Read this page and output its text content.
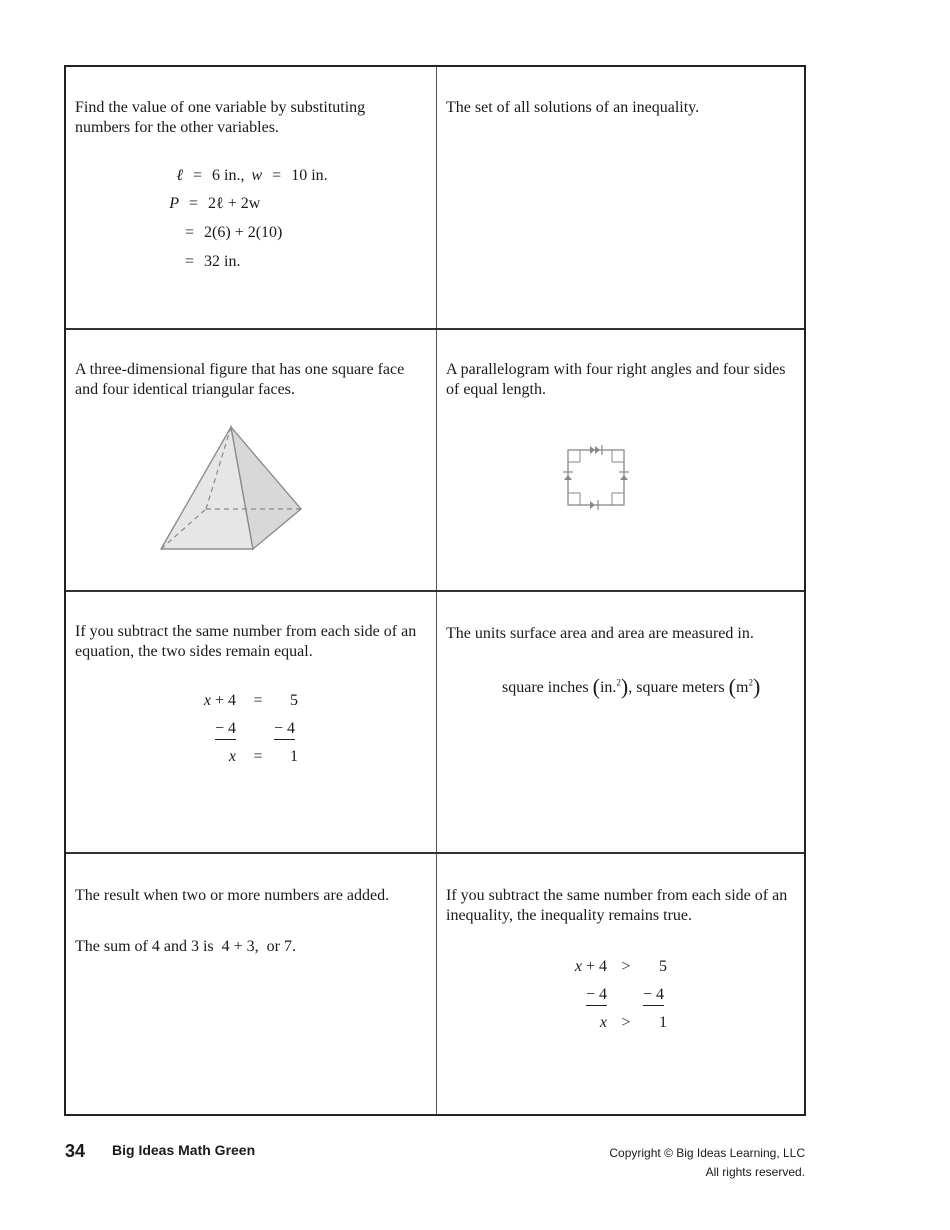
Find the value of one variable by substituting numbers for the other variables.
ℓ = 6 in., w = 10 in.
P = 2ℓ + 2w
= 2(6) + 2(10)
= 32 in.
The set of all solutions of an inequality.
A three-dimensional figure that has one square face and four identical triangular faces.
A parallelogram with four right angles and four sides of equal length.
If you subtract the same number from each side of an equation, the two sides remain equal.
x + 4 = 5
− 4 − 4
x = 1
The units surface area and area are measured in.
square inches (in.$^2$), square meters $(m^2)$
The result when two or more numbers are added.
The sum of 4 and 3 is  4 + 3,  or 7.
If you subtract the same number from each side of an inequality, the inequality remains true.
x + 4 > 5
− 4 − 4
x > 1
34 Big Ideas Math Green	Copyright © Big Ideas Learning, LLC
All rights reserved.
